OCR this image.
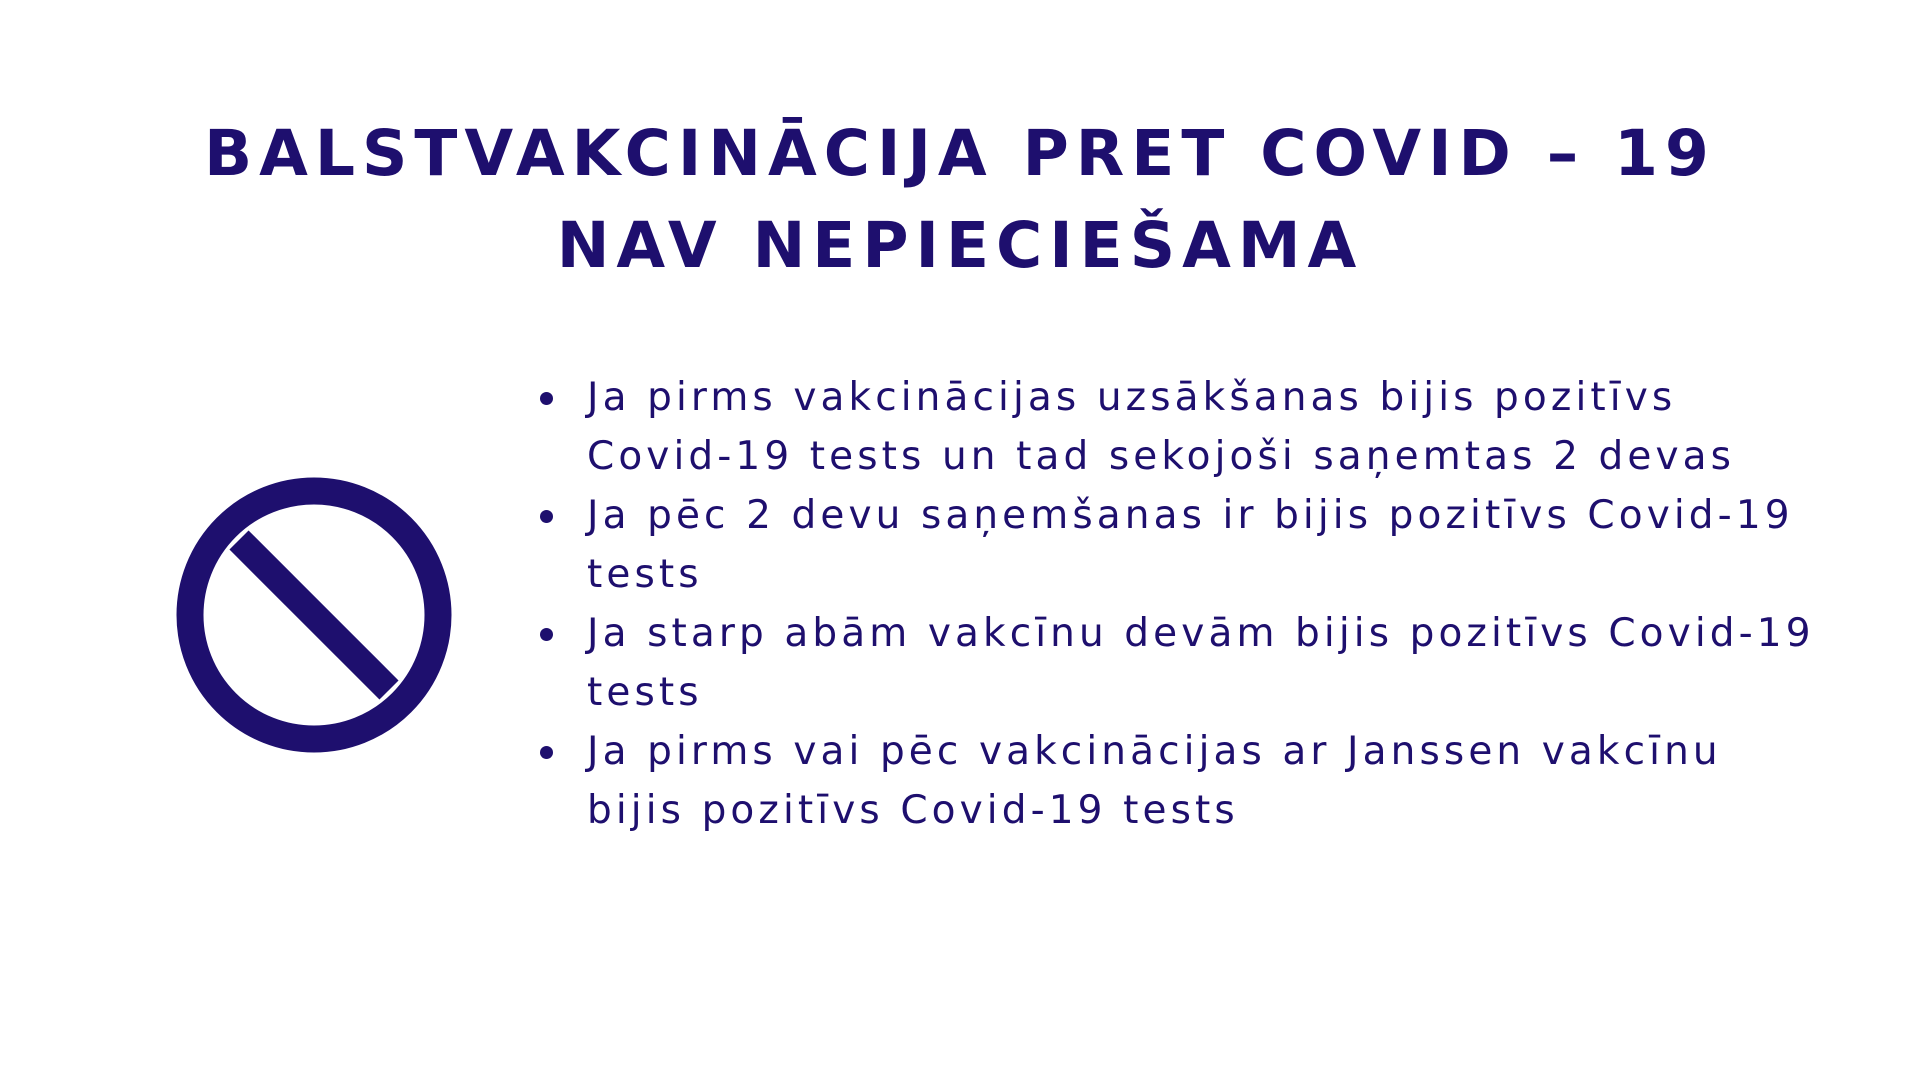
BALSTVAKCINĀCIJA PRET COVID – 19
NAV NEPIECIEŠAMA
Ja pirms vakcinācijas uzsākšanas bijis pozitīvs Covid-19 tests un tad sekojoši saņemtas 2 devas
Ja pēc 2 devu saņemšanas ir bijis pozitīvs Covid-19 tests
Ja starp abām vakcīnu devām bijis pozitīvs Covid-19 tests
Ja pirms vai pēc vakcinācijas ar Janssen vakcīnu bijis pozitīvs Covid-19 tests
